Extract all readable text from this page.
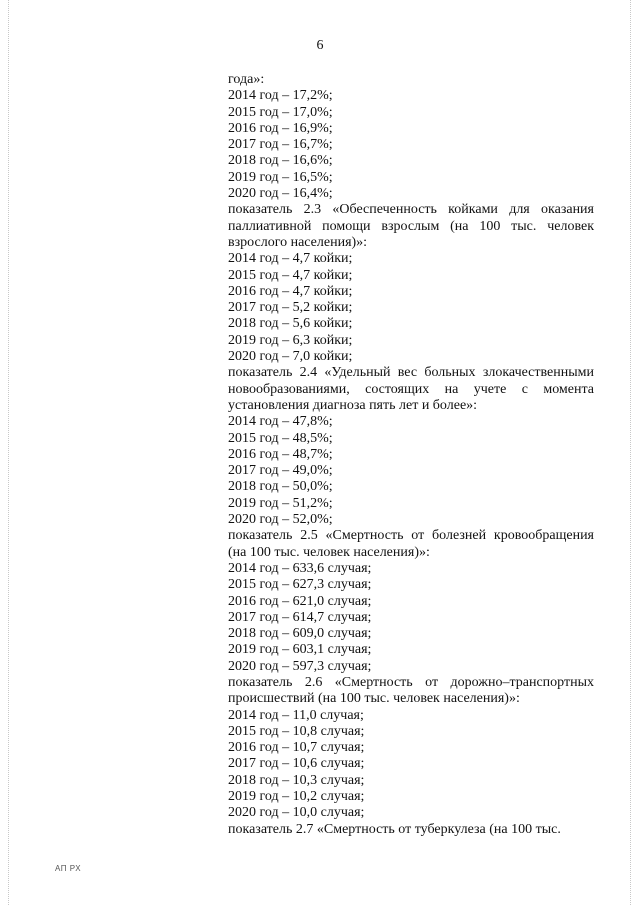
6
года»:
2014 год – 17,2%;
2015 год – 17,0%;
2016 год – 16,9%;
2017 год – 16,7%;
2018 год – 16,6%;
2019 год – 16,5%;
2020 год – 16,4%;
показатель 2.3 «Обеспеченность койками для оказания паллиативной помощи взрослым (на 100 тыс. человек взрослого населения)»:
2014 год – 4,7 койки;
2015 год – 4,7 койки;
2016 год – 4,7 койки;
2017 год – 5,2 койки;
2018 год – 5,6 койки;
2019 год – 6,3 койки;
2020 год – 7,0 койки;
показатель 2.4 «Удельный вес больных злокачественными новообразованиями, состоящих на учете с момента установления диагноза пять лет и более»:
2014 год – 47,8%;
2015 год – 48,5%;
2016 год – 48,7%;
2017 год – 49,0%;
2018 год – 50,0%;
2019 год – 51,2%;
2020 год – 52,0%;
показатель 2.5 «Смертность от болезней кровообращения (на 100 тыс. человек населения)»:
2014 год – 633,6 случая;
2015 год – 627,3 случая;
2016 год – 621,0 случая;
2017 год – 614,7 случая;
2018 год – 609,0 случая;
2019 год – 603,1 случая;
2020 год – 597,3 случая;
показатель 2.6 «Смертность от дорожно–транспортных происшествий (на 100 тыс. человек населения)»:
2014 год – 11,0 случая;
2015 год – 10,8 случая;
2016 год – 10,7 случая;
2017 год – 10,6 случая;
2018 год – 10,3 случая;
2019 год – 10,2 случая;
2020 год – 10,0 случая;
показатель 2.7 «Смертность от туберкулеза (на 100 тыс.
АП РХ
